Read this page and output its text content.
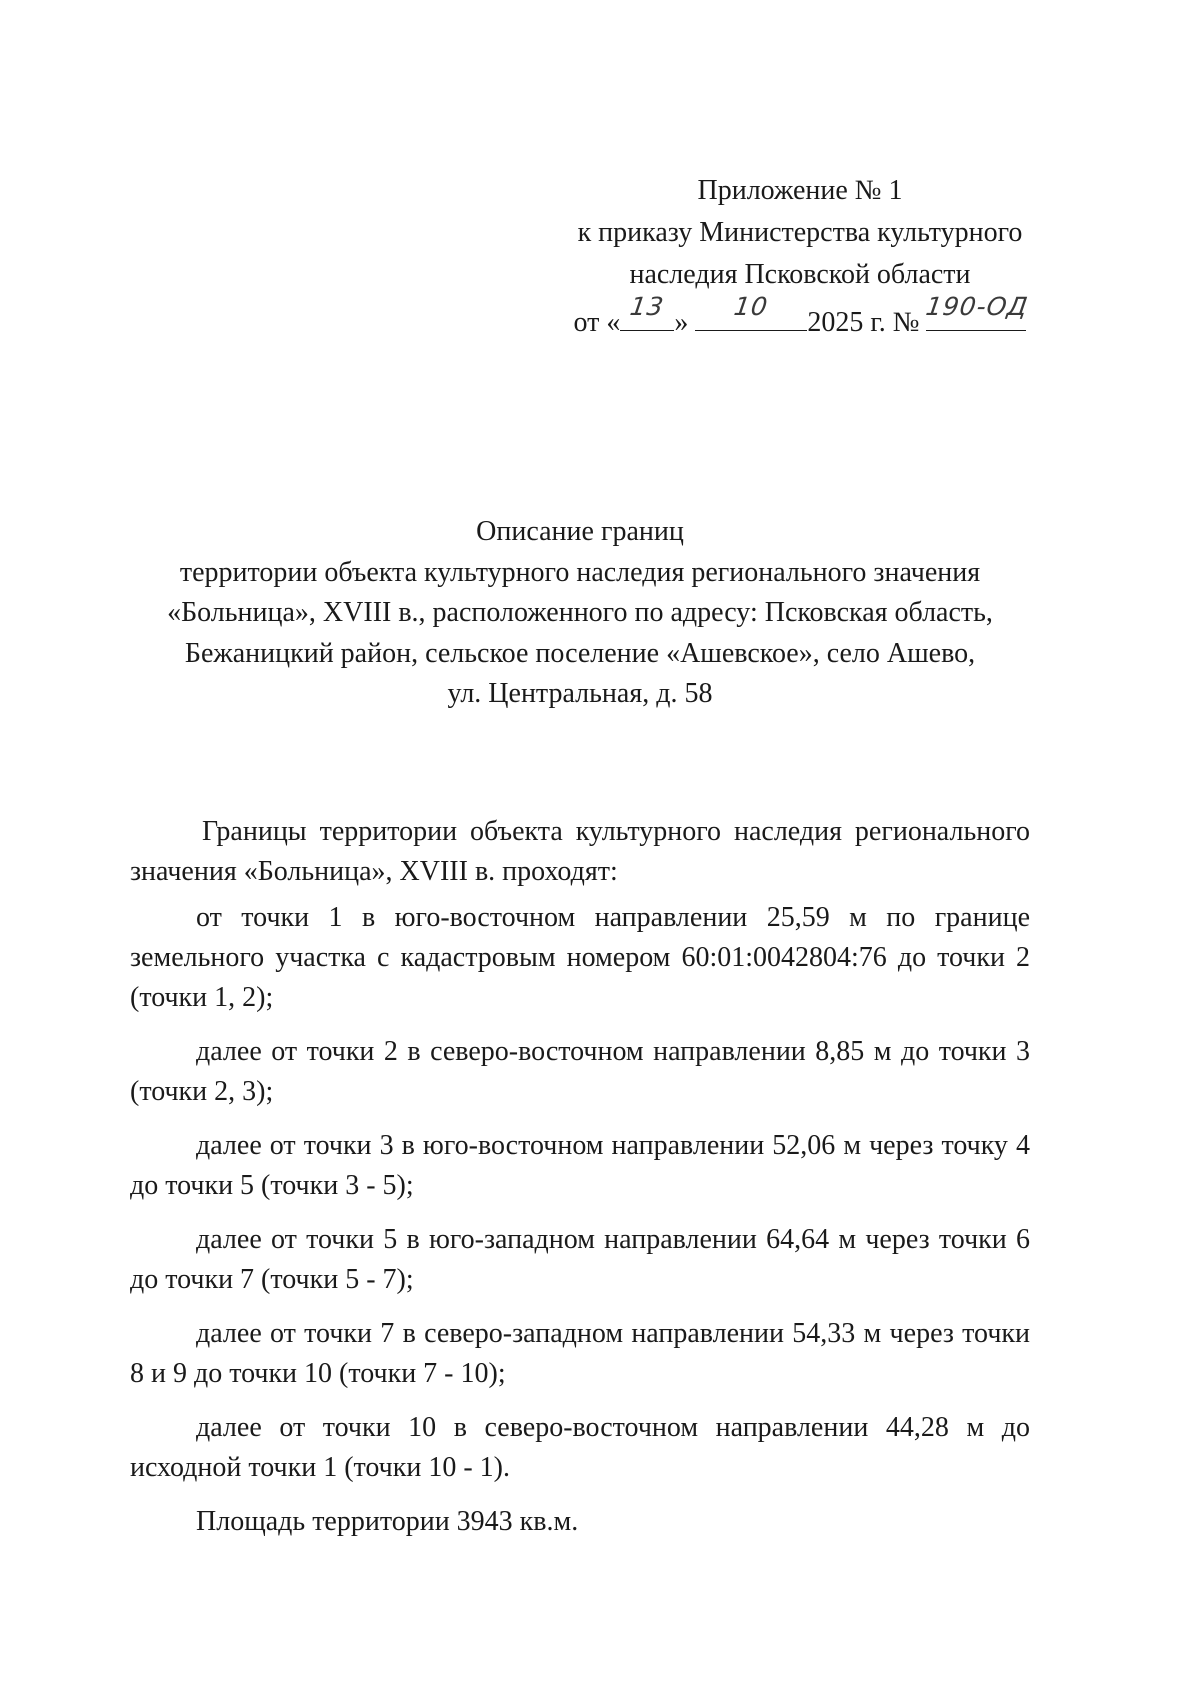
Приложение № 1
к приказу Министерства культурного
наследия Псковской области
от «
13
»
10
2025 г. №
190-ОД
Описание границ
территории объекта культурного наследия регионального значения
«Больница», XVIII в., расположенного по адресу: Псковская область,
Бежаницкий район, сельское поселение «Ашевское», село Ашево,
ул. Центральная, д. 58

Границы территории объекта культурного наследия регионального значения «Больница», XVIII в. проходят:

от точки 1 в юго-восточном направлении 25,59 м по границе земельного участка с кадастровым номером 60:01:0042804:76 до точки 2 (точки 1, 2);

далее от точки 2 в северо-восточном направлении 8,85 м до точки 3 (точки 2, 3);

далее от точки 3 в юго-восточном направлении 52,06 м через точку 4 до точки 5 (точки 3 - 5);

далее от точки 5 в юго-западном направлении 64,64 м через точки 6 до точки 7 (точки 5 - 7);

далее от точки 7 в северо-западном направлении 54,33 м через точки 8 и 9 до точки 10 (точки 7 - 10);

далее от точки 10 в северо-восточном направлении 44,28 м до исходной точки 1 (точки 10 - 1).

Площадь территории 3943 кв.м.
